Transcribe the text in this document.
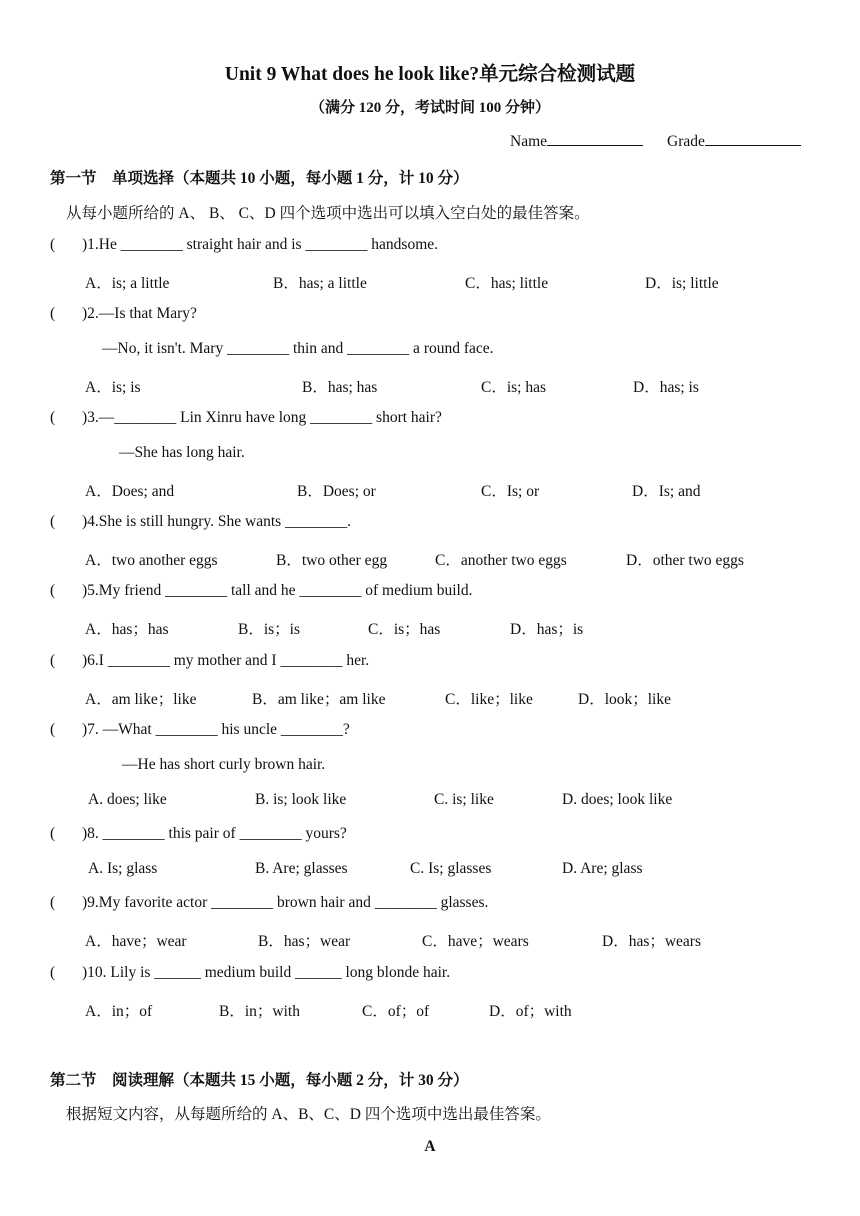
Unit 9 What does he look like?单元综合检测试题
（满分 120 分，考试时间 100 分钟）
Name	Grade
第一节　单项选择（本题共 10 小题，每小题 1 分，计 10 分）
从每小题所给的 A、 B、 C、D 四个选项中选出可以填入空白处的最佳答案。
( )1.He ________ straight hair and is ________ handsome.
A．is; a little	B．has; a little	C．has; little	D．is; little
( )2.—Is that Mary?
—No, it isn't. Mary ________ thin and ________ a round face.
A．is; is	B．has; has	C．is; has	D．has; is
( )3.—________ Lin Xinru have long ________ short hair?
—She has long hair.
A．Does; and	B．Does; or	C．Is; or	D．Is; and
( )4.She is still hungry. She wants ________.
A．two another eggs	B．two other egg	C．another two eggs	D．other two eggs
( )5.My friend ________ tall and he ________ of medium build.
A．has；has	B．is；is	C．is；has	D．has；is
( )6.I ________ my mother and I ________ her.
A．am like；like	B．am like；am like	C．like；like	D．look；like
( )7. —What ________ his uncle ________?
—He has short curly brown hair.
A. does; like	B. is; look like	C. is; like	D. does; look like
( )8. ________ this pair of ________ yours?
A. Is; glass	B. Are; glasses	C. Is; glasses	D. Are; glass
( )9.My favorite actor ________ brown hair and ________ glasses.
A．have；wear	B．has；wear	C．have；wears	D．has；wears
( )10. Lily is ______ medium build ______ long blonde hair.
A．in；of	B．in；with	C．of；of	D．of；with
第二节　阅读理解（本题共 15 小题，每小题 2 分，计 30 分）
根据短文内容，从每题所给的 A、B、C、D 四个选项中选出最佳答案。
A
